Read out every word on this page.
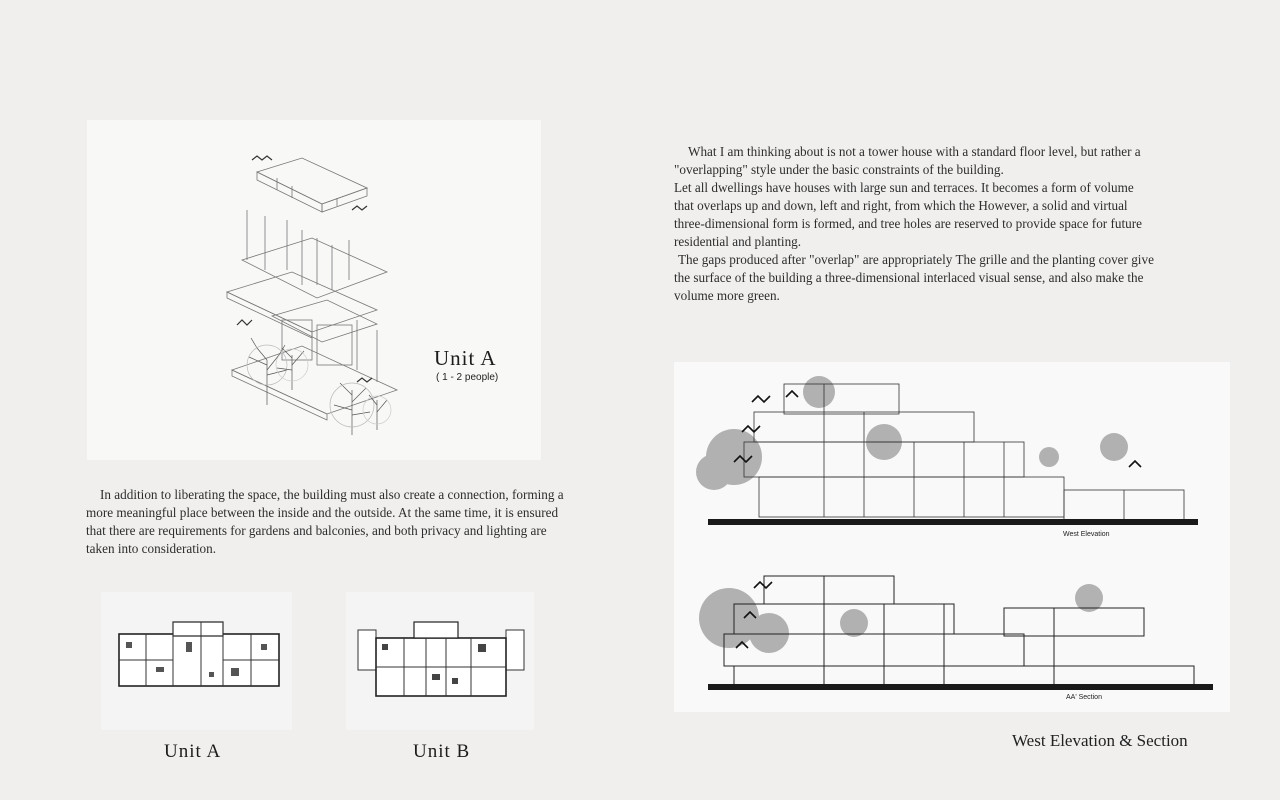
Unit A
( 1 - 2 people)
In addition to liberating the space, the building must also create a connection, forming a more meaningful place between the inside and the outside. At the same time, it is ensured that there are requirements for gardens and balconies, and both privacy and lighting are taken into consideration.
What I am thinking about is not a tower house with a standard floor level, but rather a "overlapping" style under the basic constraints of the building.
Let all dwellings have houses with large sun and terraces. It becomes a form of volume that overlaps up and down, left and right, from which the However, a solid and virtual three-dimensional form is formed, and tree holes are reserved to provide space for future residential and planting.
The gaps produced after "overlap" are appropriately The grille and the planting cover give the surface of the building a three-dimensional interlaced visual sense, and also make the volume more green.
Unit A	Unit B
West Elevation
AA' Section
West Elevation & Section
